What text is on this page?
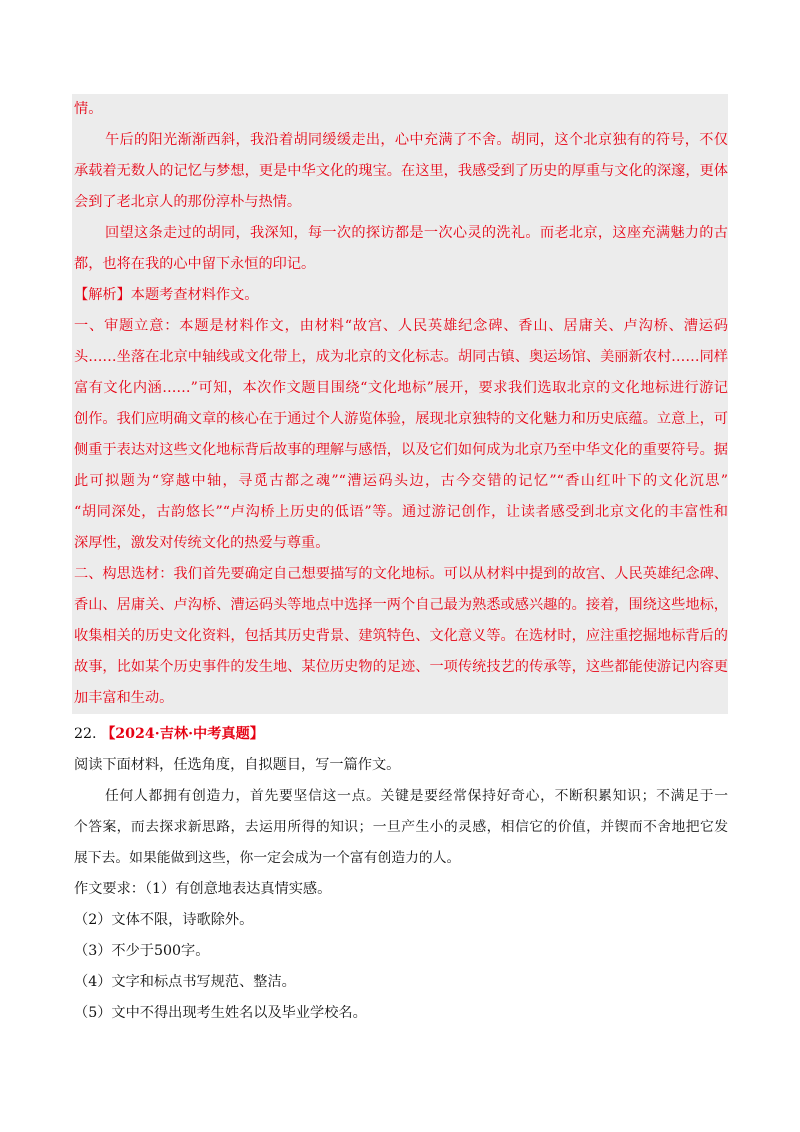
情。
午后的阳光渐渐西斜，我沿着胡同缓缓走出，心中充满了不舍。胡同，这个北京独有的符号，不仅
承载着无数人的记忆与梦想，更是中华文化的瑰宝。在这里，我感受到了历史的厚重与文化的深邃，更体
会到了老北京人的那份淳朴与热情。
回望这条走过的胡同，我深知，每一次的探访都是一次心灵的洗礼。而老北京，这座充满魅力的古
都，也将在我的心中留下永恒的印记。
【解析】本题考查材料作文。
一、审题立意：本题是材料作文，由材料“故宫、人民英雄纪念碑、香山、居庸关、卢沟桥、漕运码
头……坐落在北京中轴线或文化带上，成为北京的文化标志。胡同古镇、奥运场馆、美丽新农村……同样
富有文化内涵……”可知，本次作文题目围绕“文化地标”展开，要求我们选取北京的文化地标进行游记
创作。我们应明确文章的核心在于通过个人游览体验，展现北京独特的文化魅力和历史底蕴。立意上，可
侧重于表达对这些文化地标背后故事的理解与感悟，以及它们如何成为北京乃至中华文化的重要符号。据
此可拟题为“穿越中轴，寻觅古都之魂”“漕运码头边，古今交错的记忆”“香山红叶下的文化沉思”
“胡同深处，古韵悠长”“卢沟桥上历史的低语”等。通过游记创作，让读者感受到北京文化的丰富性和
深厚性，激发对传统文化的热爱与尊重。
二、构思选材：我们首先要确定自己想要描写的文化地标。可以从材料中提到的故宫、人民英雄纪念碑、
香山、居庸关、卢沟桥、漕运码头等地点中选择一两个自己最为熟悉或感兴趣的。接着，围绕这些地标，
收集相关的历史文化资料，包括其历史背景、建筑特色、文化意义等。在选材时，应注重挖掘地标背后的
故事，比如某个历史事件的发生地、某位历史物的足迹、一项传统技艺的传承等，这些都能使游记内容更
加丰富和生动。
22. 【2024·吉林·中考真题】
阅读下面材料，任选角度，自拟题目，写一篇作文。
任何人都拥有创造力，首先要坚信这一点。关键是要经常保持好奇心，不断积累知识；不满足于一
个答案，而去探求新思路，去运用所得的知识；一旦产生小的灵感，相信它的价值，并锲而不舍地把它发
展下去。如果能做到这些，你一定会成为一个富有创造力的人。
作文要求：（1）有创意地表达真情实感。
（2）文体不限，诗歌除外。
（3）不少于500字。
（4）文字和标点书写规范、整洁。
（5）文中不得出现考生姓名以及毕业学校名。
